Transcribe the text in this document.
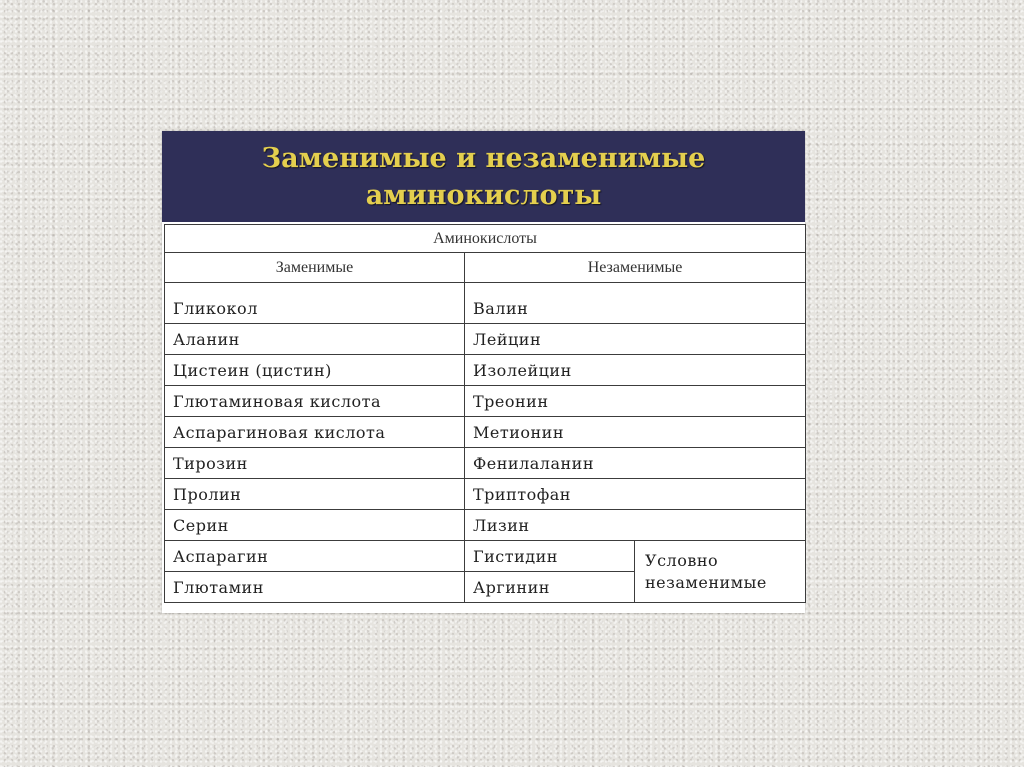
Заменимые и незаменимые
аминокислоты
Аминокислоты		
Заменимые	Незаменимые	
Гликокол	Валин	
Аланин	Лейцин	
Цистеин (цистин)	Изолейцин	
Глютаминовая кислота	Треонин	
Аспарагиновая кислота	Метионин	
Тирозин	Фенилаланин	
Пролин	Триптофан	
Серин	Лизин	
Аспарагин	Гистидин	Условно незаменимые
Глютамин	Аргинин	
